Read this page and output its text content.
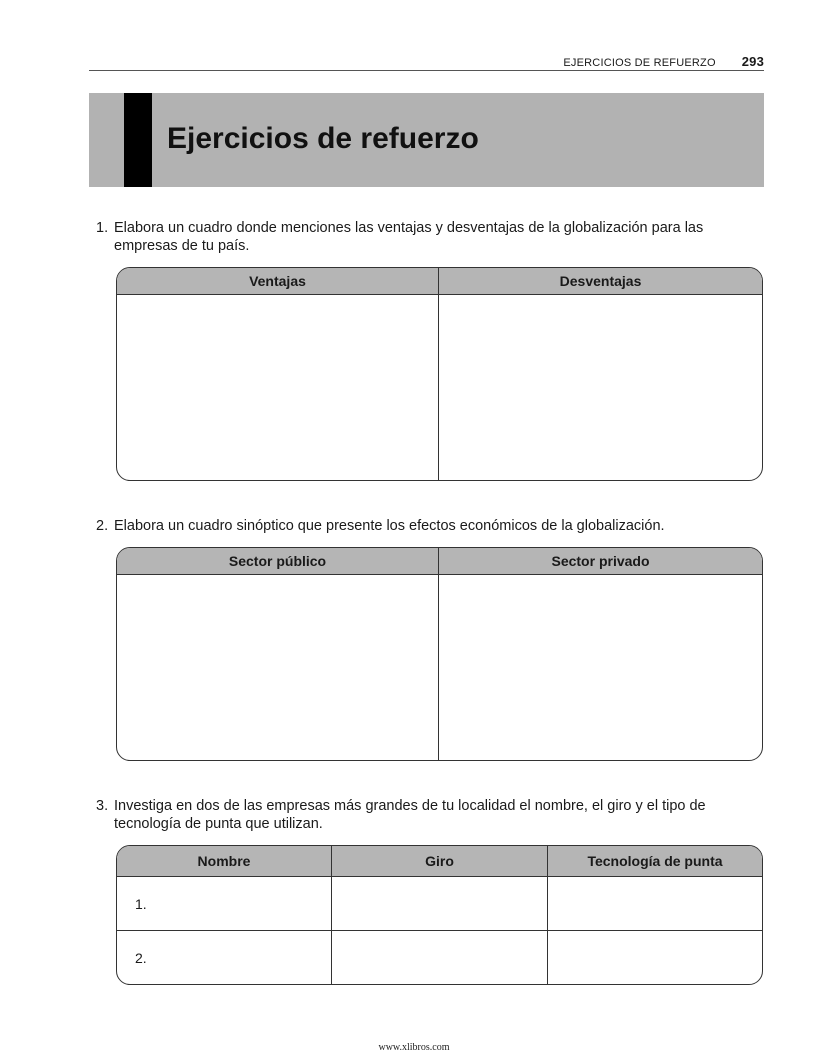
EJERCICIOS DE REFUERZO 293
Ejercicios de refuerzo
1. Elabora un cuadro donde menciones las ventajas y desventajas de la globalización para las empresas de tu país.
Ventajas	Desventajas
2. Elabora un cuadro sinóptico que presente los efectos económicos de la globalización.
Sector público	Sector privado
3. Investiga en dos de las empresas más grandes de tu localidad el nombre, el giro y el tipo de tecnología de punta que utilizan.
Nombre	Giro	Tecnología de punta
1.
2.
www.xlibros.com
